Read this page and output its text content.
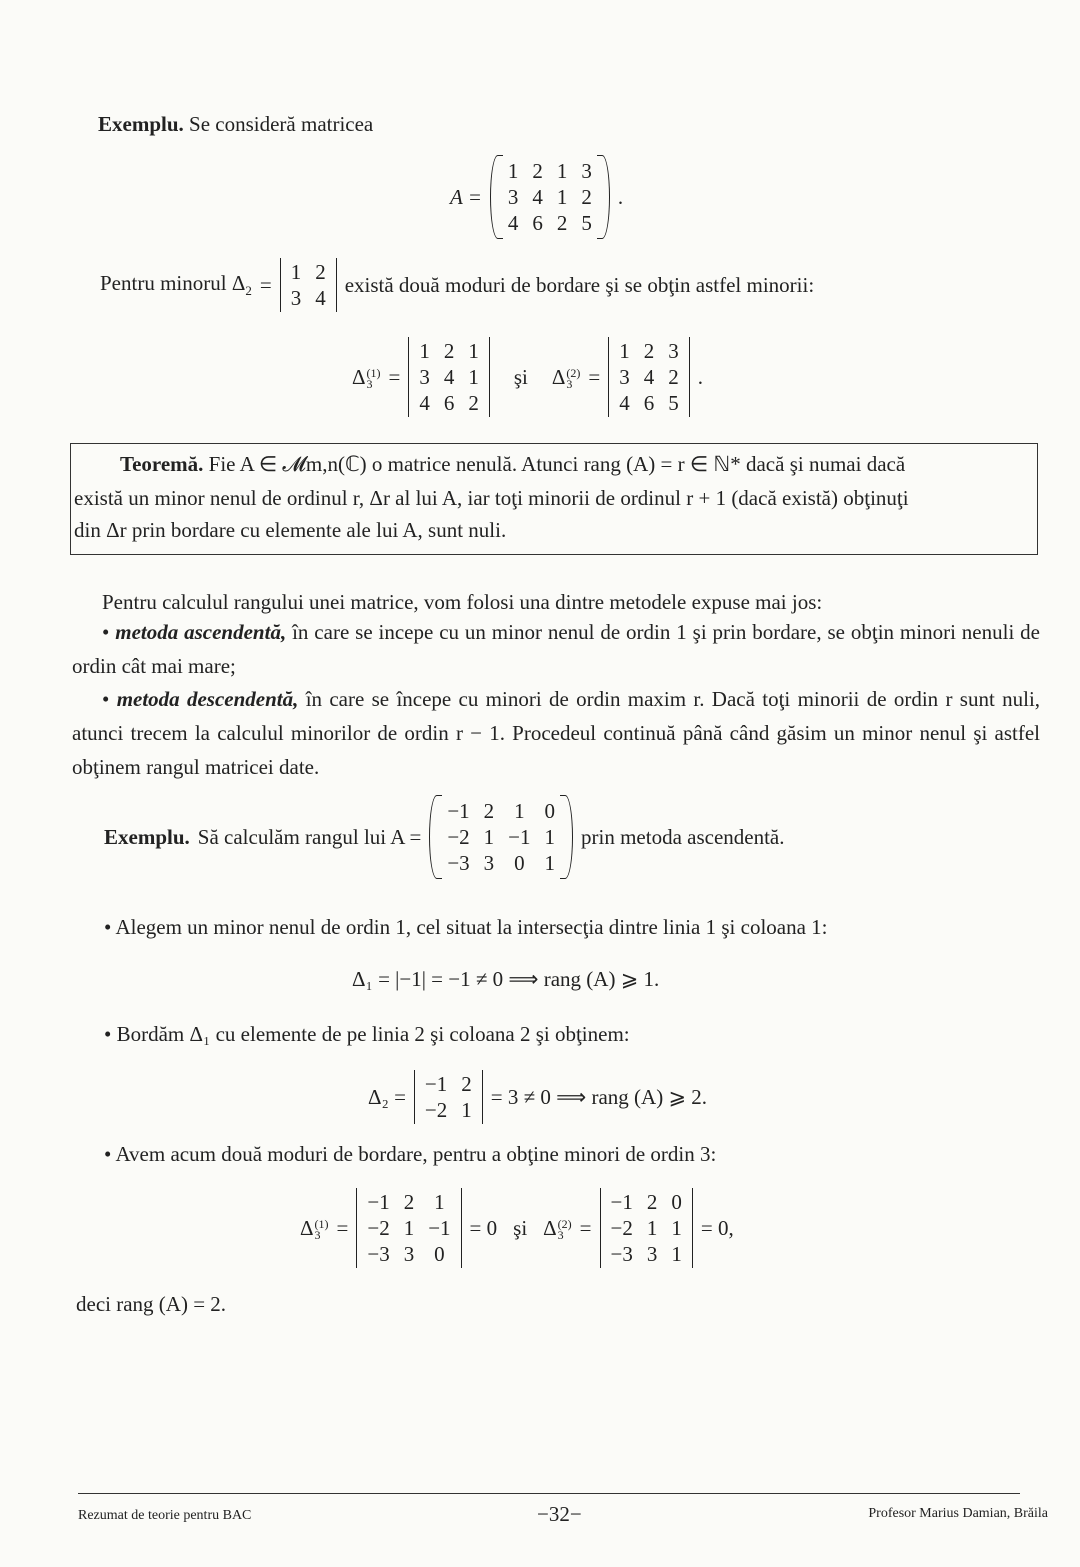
Exemplu. Se consideră matricea
A =
1 2 1 3
3 4 1 2
4 6 2 5
.
Pentru minorul $\Delta_2$ =
1 2
3 4
există două moduri de bordare şi se obţin astfel minorii:
Δ (1)
3 =
1 2 1
3 4 1
4 6 2
şi Δ (2)
3 =
1 2 3
3 4 2
4 6 5
.
Teoremă. Fie A ∈ 𝓜m,n(ℂ) o matrice nenulă. Atunci rang (A) = r ∈ ℕ* dacă şi numai dacă
există un minor nenul de ordinul r, Δr al lui A, iar toţi minorii de ordinul r + 1 (dacă există) obţinuţi
din Δr prin bordare cu elemente ale lui A, sunt nuli.
Pentru calculul rangului unei matrice, vom folosi una dintre metodele expuse mai jos:
• metoda ascendentă, în care se incepe cu un minor nenul de ordin 1 şi prin bordare, se obţin minori nenuli de ordin cât mai mare;
• metoda descendentă, în care se începe cu minori de ordin maxim r. Dacă toţi minorii de ordin r sunt nuli, atunci trecem la calculul minorilor de ordin r − 1. Procedeul continuă până când găsim un minor nenul şi astfel obţinem rangul matricei date.
Exemplu. Să calculăm rangul lui A =
−1 2 1 0
−2 1 −1 1
−3 3 0 1
prin metoda ascendentă.
• Alegem un minor nenul de ordin 1, cel situat la intersecţia dintre linia 1 şi coloana 1:
Δ₁ = |−1| = −1 ≠ 0 ⟹ rang (A) ⩾ 1.
• Bordăm Δ₁ cu elemente de pe linia 2 şi coloana 2 şi obţinem:
Δ₂ =
−1 2
−2 1
= 3 ≠ 0 ⟹ rang (A) ⩾ 2.
• Avem acum două moduri de bordare, pentru a obţine minori de ordin 3:
Δ (1)
3 =
−1 2 1
−2 1 −1
−3 3 0
= 0 şi Δ (2)
3 =
−1 2 0
−2 1 1
−3 3 1
= 0,
deci rang (A) = 2.
Rezumat de teorie pentru BAC	−32−	Profesor Marius Damian, Brăila
